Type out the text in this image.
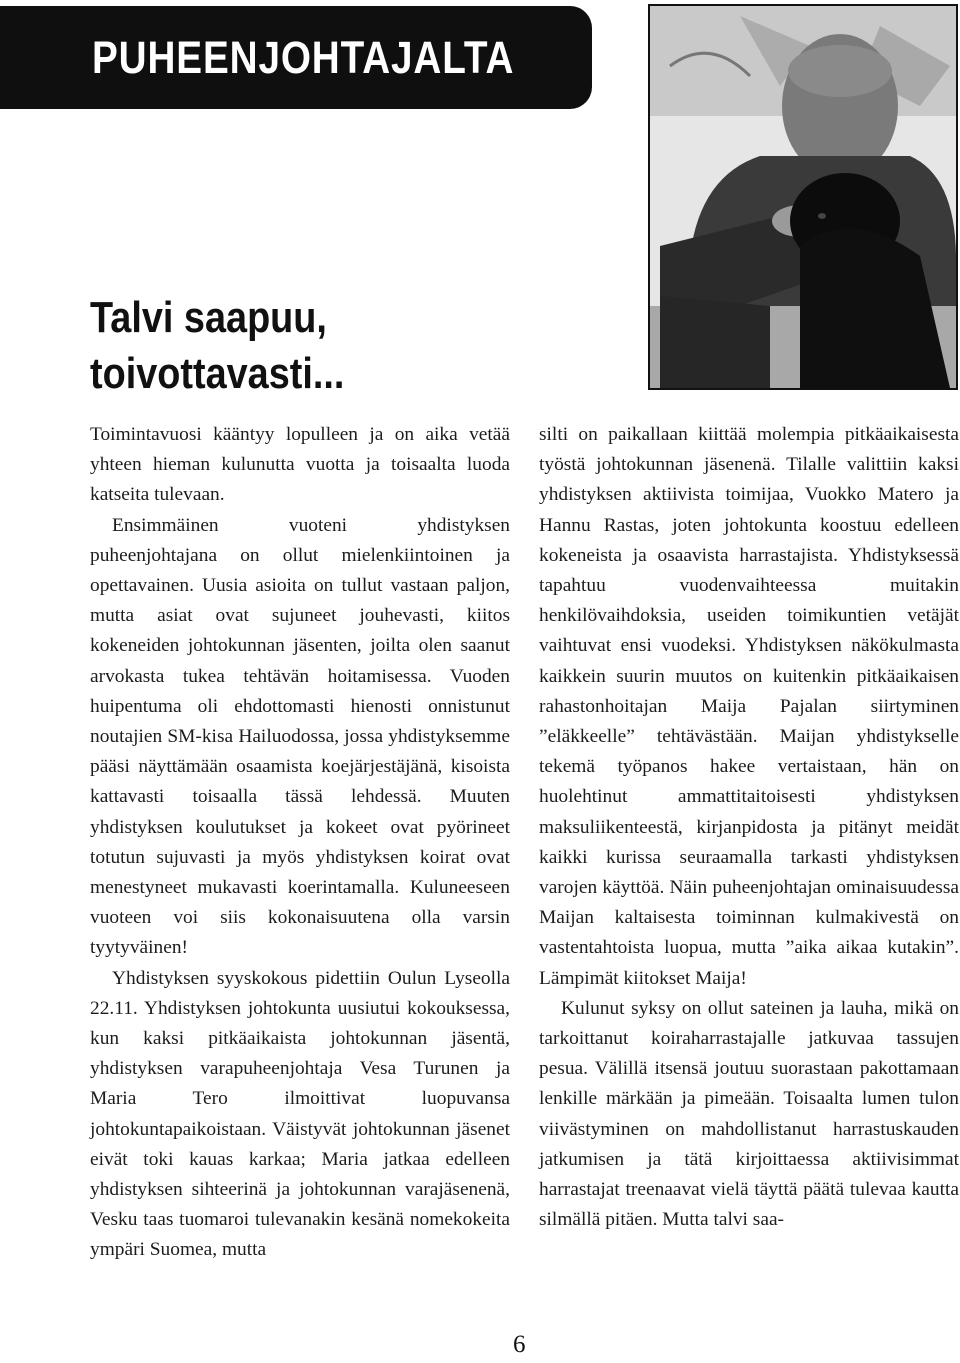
PUHEENJOHTAJALTA
Talvi saapuu,
toivottavasti...

Toimintavuosi kääntyy lopulleen ja on aika vetää yhteen hieman kulunutta vuotta ja toisaalta luoda katseita tulevaan.

Ensimmäinen vuoteni yhdistyksen puheenjohtajana on ollut mielenkiintoinen ja opettavainen. Uusia asioita on tullut vastaan paljon, mutta asiat ovat sujuneet jouhevasti, kiitos kokeneiden johtokunnan jäsenten, joilta olen saanut arvokasta tukea tehtävän hoitamisessa. Vuoden huipentuma oli ehdottomasti hienosti onnistunut noutajien SM-kisa Hailuodossa, jossa yhdistyksemme pääsi näyttämään osaamista koejärjestäjänä, kisoista kattavasti toisaalla tässä lehdessä. Muuten yhdistyksen koulutukset ja kokeet ovat pyörineet totutun sujuvasti ja myös yhdistyksen koirat ovat menestyneet mukavasti koerintamalla. Kuluneeseen vuoteen voi siis kokonaisuutena olla varsin tyytyväinen!

Yhdistyksen syyskokous pidettiin Oulun Lyseolla 22.11. Yhdistyksen johtokunta uusiutui kokouksessa, kun kaksi pitkäaikaista johtokunnan jäsentä, yhdistyksen varapuheenjohtaja Vesa Turunen ja Maria Tero ilmoittivat luopuvansa johtokuntapaikoistaan. Väistyvät johtokunnan jäsenet eivät toki kauas karkaa; Maria jatkaa edelleen yhdistyksen sihteerinä ja johtokunnan varajäsenenä, Vesku taas tuomaroi tulevanakin kesänä nomekokeita ympäri Suomea, mutta

silti on paikallaan kiittää molempia pitkäaikaisesta työstä johtokunnan jäsenenä. Tilalle valittiin kaksi yhdistyksen aktiivista toimijaa, Vuokko Matero ja Hannu Rastas, joten johtokunta koostuu edelleen kokeneista ja osaavista harrastajista. Yhdistyksessä tapahtuu vuodenvaihteessa muitakin henkilövaihdoksia, useiden toimikuntien vetäjät vaihtuvat ensi vuodeksi. Yhdistyksen näkökulmasta kaikkein suurin muutos on kuitenkin pitkäaikaisen rahastonhoitajan Maija Pajalan siirtyminen ”eläkkeelle” tehtävästään. Maijan yhdistykselle tekemä työpanos hakee vertaistaan, hän on huolehtinut ammattitaitoisesti yhdistyksen maksuliikenteestä, kirjanpidosta ja pitänyt meidät kaikki kurissa seuraamalla tarkasti yhdistyksen varojen käyttöä. Näin puheenjohtajan ominaisuudessa Maijan kaltaisesta toiminnan kulmakivestä on vastentahtoista luopua, mutta ”aika aikaa kutakin”. Lämpimät kiitokset Maija!

Kulunut syksy on ollut sateinen ja lauha, mikä on tarkoittanut koiraharrastajalle jatkuvaa tassujen pesua. Välillä itsensä joutuu suorastaan pakottamaan lenkille märkään ja pimeään. Toisaalta lumen tulon viivästyminen on mahdollistanut harrastuskauden jatkumisen ja tätä kirjoittaessa aktiivisimmat harrastajat treenaavat vielä täyttä päätä tulevaa kautta silmällä pitäen. Mutta talvi saa-

6
